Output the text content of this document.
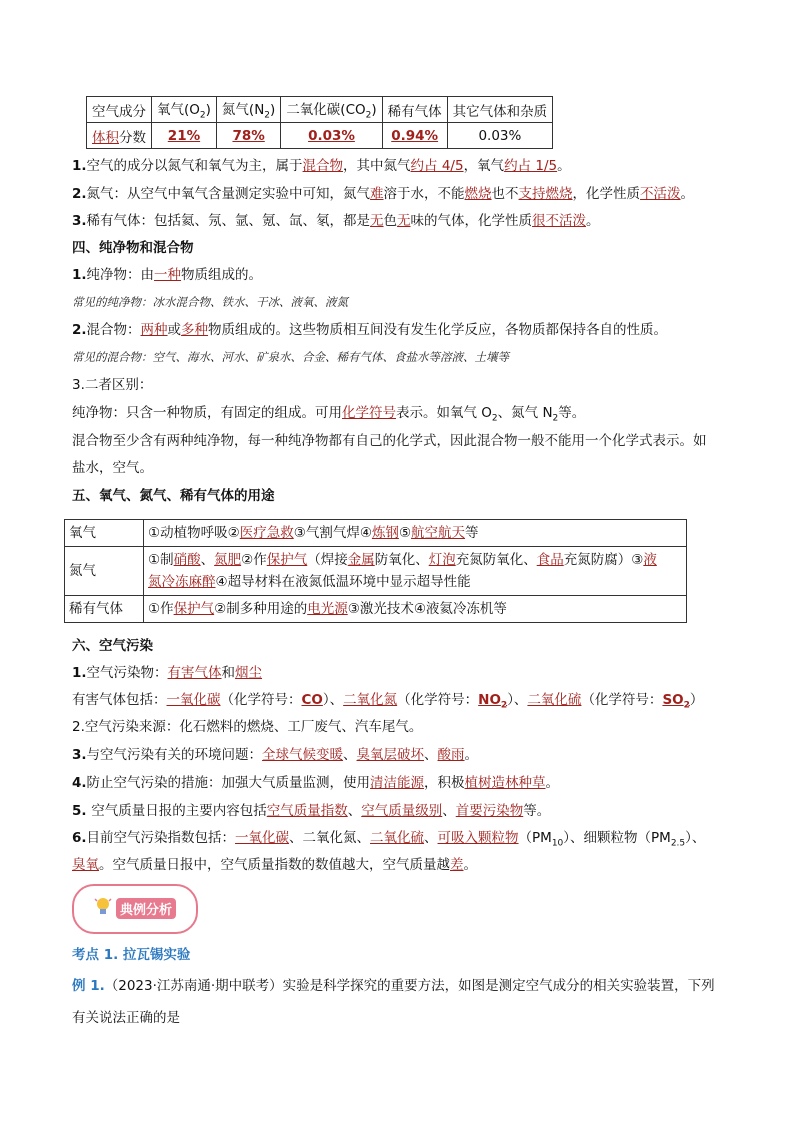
空气成分	氧气$(O_2)$	氮气$(N_2)$	二氧化碳$(CO_2)$	稀有气体	其它气体和杂质
体积分数	21%	78%	0.03%	0.94%	0.03%
1.空气的成分以氮气和氧气为主，属于混合物，其中氮气约占 4/5，氧气约占 1/5。
2.氮气：从空气中氧气含量测定实验中可知，氮气难溶于水，不能燃烧也不支持燃烧，化学性质不活泼。
3.稀有气体：包括氦、氖、氩、氪、氙、氡，都是无色无味的气体，化学性质很不活泼。
四、纯净物和混合物
1.纯净物：由一种物质组成的。
常见的纯净物：冰水混合物、铁水、干冰、液氧、液氮
2.混合物：两种或多种物质组成的。这些物质相互间没有发生化学反应，各物质都保持各自的性质。
常见的混合物：空气、海水、河水、矿泉水、合金、稀有气体、食盐水等溶液、土壤等
3.二者区别：
纯净物：只含一种物质，有固定的组成。可用化学符号表示。如氧气 $O_2$、氮气 $N_2$等。
混合物至少含有两种纯净物，每一种纯净物都有自己的化学式，因此混合物一般不能用一个化学式表示。如
盐水，空气。
五、氧气、氮气、稀有气体的用途
氧气	①动植物呼吸②医疗急救③气割气焊④炼钢⑤航空航天等
氮气	①制硝酸、氮肥②作保护气（焊接金属防氧化、灯泡充氮防氧化、食品充氮防腐）③液
氮冷冻麻醉④超导材料在液氮低温环境中显示超导性能
稀有气体	①作保护气②制多种用途的电光源③激光技术④液氦冷冻机等
六、空气污染
1.空气污染物：有害气体和烟尘
有害气体包括：一氧化碳（化学符号：CO）、二氧化氮（化学符号：$NO_2$）、二氧化硫（化学符号：$SO_2$）
2.空气污染来源：化石燃料的燃烧、工厂废气、汽车尾气。
3.与空气污染有关的环境问题：全球气候变暖、臭氧层破坏、酸雨。
4.防止空气污染的措施：加强大气质量监测，使用清洁能源，积极植树造林种草。
5. 空气质量日报的主要内容包括空气质量指数、空气质量级别、首要污染物等。
6.目前空气污染指数包括：一氧化碳、二氧化氮、二氧化硫、可吸入颗粒物$(PM_{10})$、细颗粒物$(PM_{2.5})$、
臭氧。空气质量日报中，空气质量指数的数值越大，空气质量越差。
典例分析
考点 1. 拉瓦锡实验
例 1.（2023·江苏南通·期中联考）实验是科学探究的重要方法，如图是测定空气成分的相关实验装置，下列
有关说法正确的是
